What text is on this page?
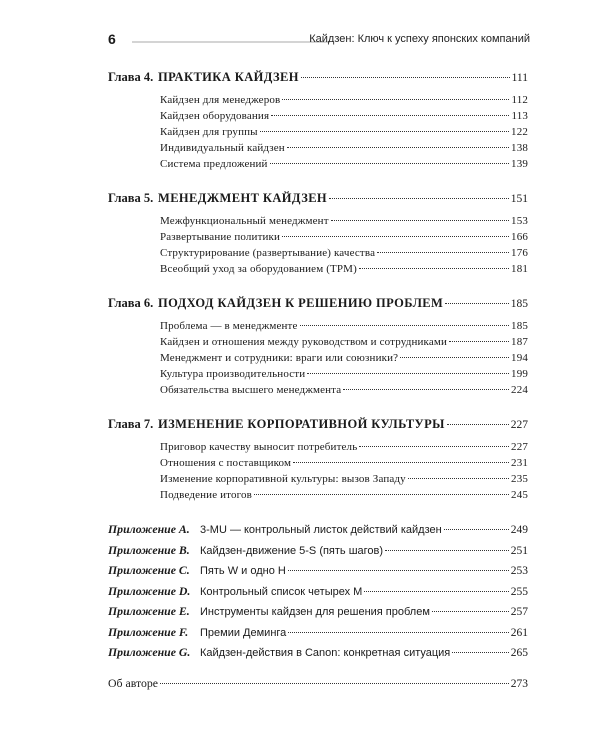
6	Кайдзен: Ключ к успеху японских компаний
Глава 4. ПРАКТИКА КАЙДЗЕН	111
Кайдзен для менеджеров	112
Кайдзен оборудования	113
Кайдзен для группы	122
Индивидуальный кайдзен	138
Система предложений	139
Глава 5. МЕНЕДЖМЕНТ КАЙДЗЕН	151
Межфункциональный менеджмент	153
Развертывание политики	166
Структурирование (развертывание) качества	176
Всеобщий уход за оборудованием (TPM)	181
Глава 6. ПОДХОД КАЙДЗЕН К РЕШЕНИЮ ПРОБЛЕМ	185
Проблема — в менеджменте	185
Кайдзен и отношения между руководством и сотрудниками	187
Менеджмент и сотрудники: враги или союзники?	194
Культура производительности	199
Обязательства высшего менеджмента	224
Глава 7. ИЗМЕНЕНИЕ КОРПОРАТИВНОЙ КУЛЬТУРЫ	227
Приговор качеству выносит потребитель	227
Отношения с поставщиком	231
Изменение корпоративной культуры: вызов Западу	235
Подведение итогов	245
Приложение A. 3-MU — контрольный листок действий кайдзен	249
Приложение B. Кайдзен-движение 5-S (пять шагов)	251
Приложение C. Пять W и одно H	253
Приложение D. Контрольный список четырех М	255
Приложение E. Инструменты кайдзен для решения проблем	257
Приложение F.	Премии Деминга	261
Приложение G. Кайдзен-действия в Canon: конкретная ситуация	265
Об авторе	273
